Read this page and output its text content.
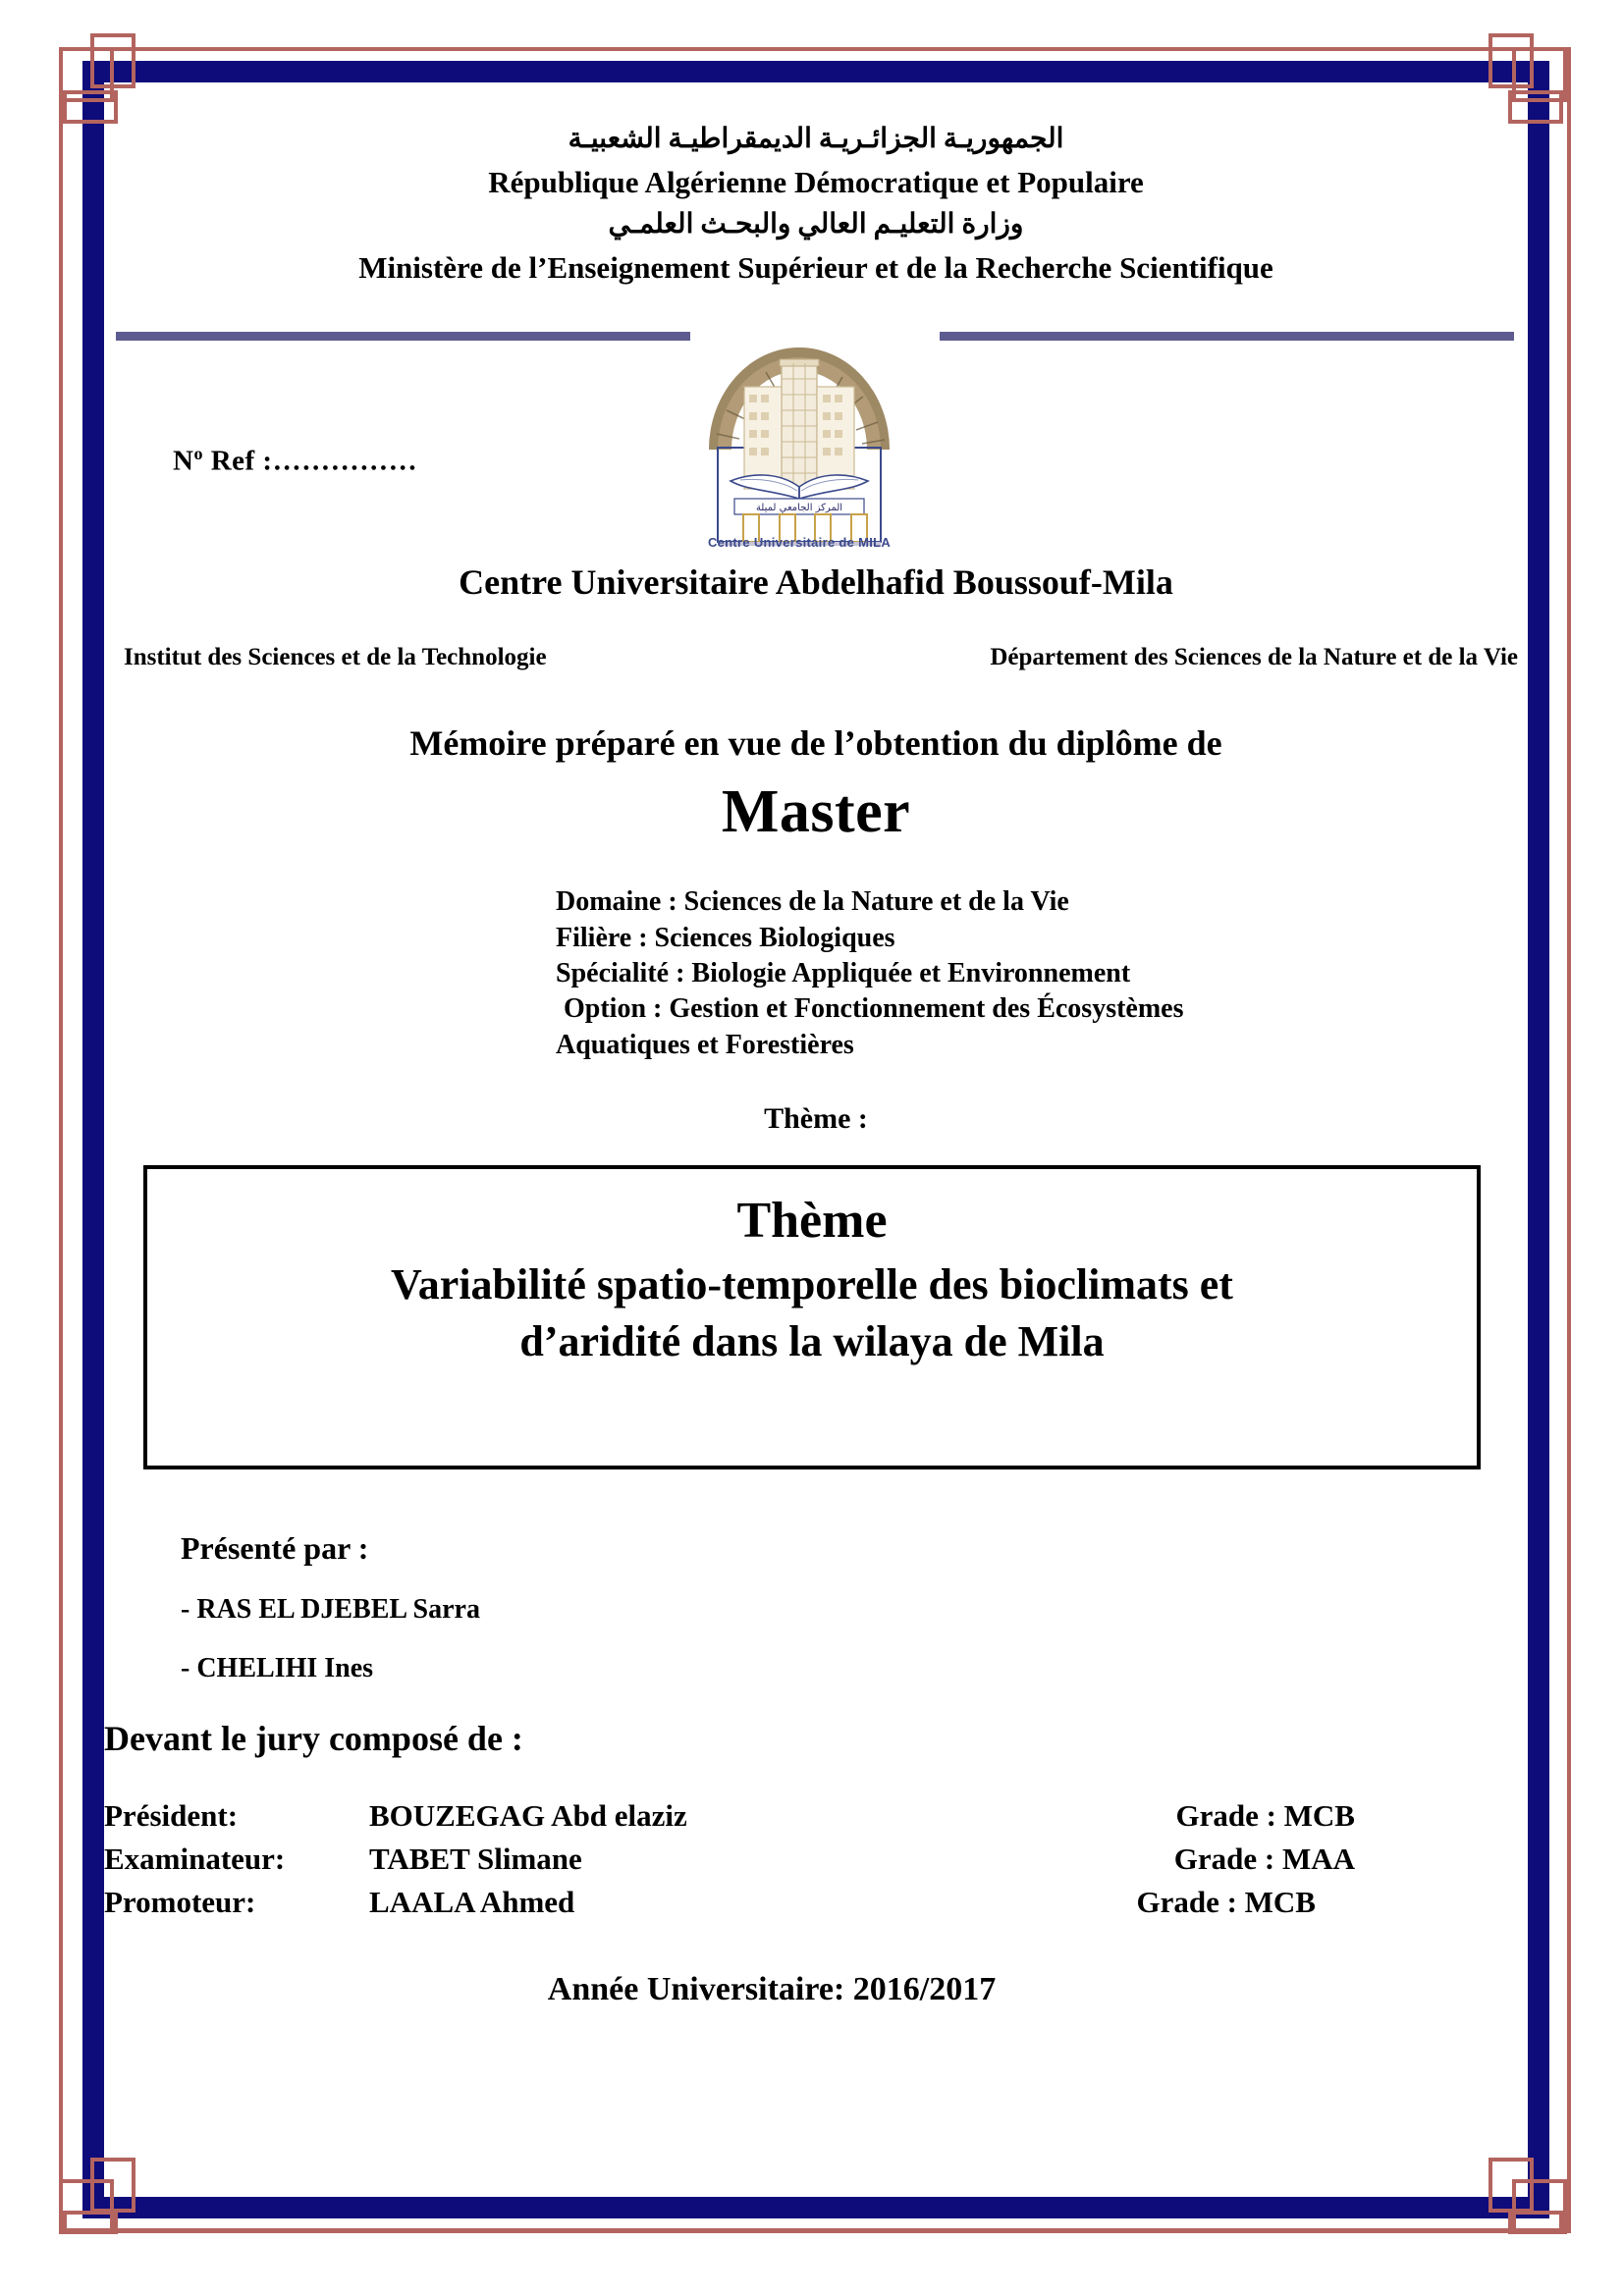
الجمهوريـة الجزائـريـة الديمقراطيـة الشعبيـة
République Algérienne Démocratique et Populaire
وزارة التعليـم العالي والبحـث العلمـي
Ministère de l’Enseignement Supérieur et de la Recherche Scientifique
المركز الجامعي لميلة
Centre Universitaire de MILA
$N^o$ Ref :……………
Centre Universitaire Abdelhafid Boussouf-Mila
Institut des Sciences et de la Technologie	Département des Sciences de la Nature et de la Vie
Mémoire préparé en vue de l’obtention du diplôme de
Master
Domaine : Sciences de la Nature et de la Vie
Filière : Sciences Biologiques
Spécialité : Biologie Appliquée et Environnement
Option : Gestion et Fonctionnement des Écosystèmes
Aquatiques et Forestières
Thème :
Thème
Variabilité spatio-temporelle des bioclimats et
d’aridité dans la wilaya de Mila
Présenté par :
- RAS EL DJEBEL Sarra
- CHELIHI Ines
Devant le jury composé de :
Président:	BOUZEGAG Abd elaziz	Grade : MCB
Examinateur:	TABET Slimane	Grade : MAA
Promoteur:	LAALA Ahmed	Grade : MCB
Année Universitaire: 2016/2017
